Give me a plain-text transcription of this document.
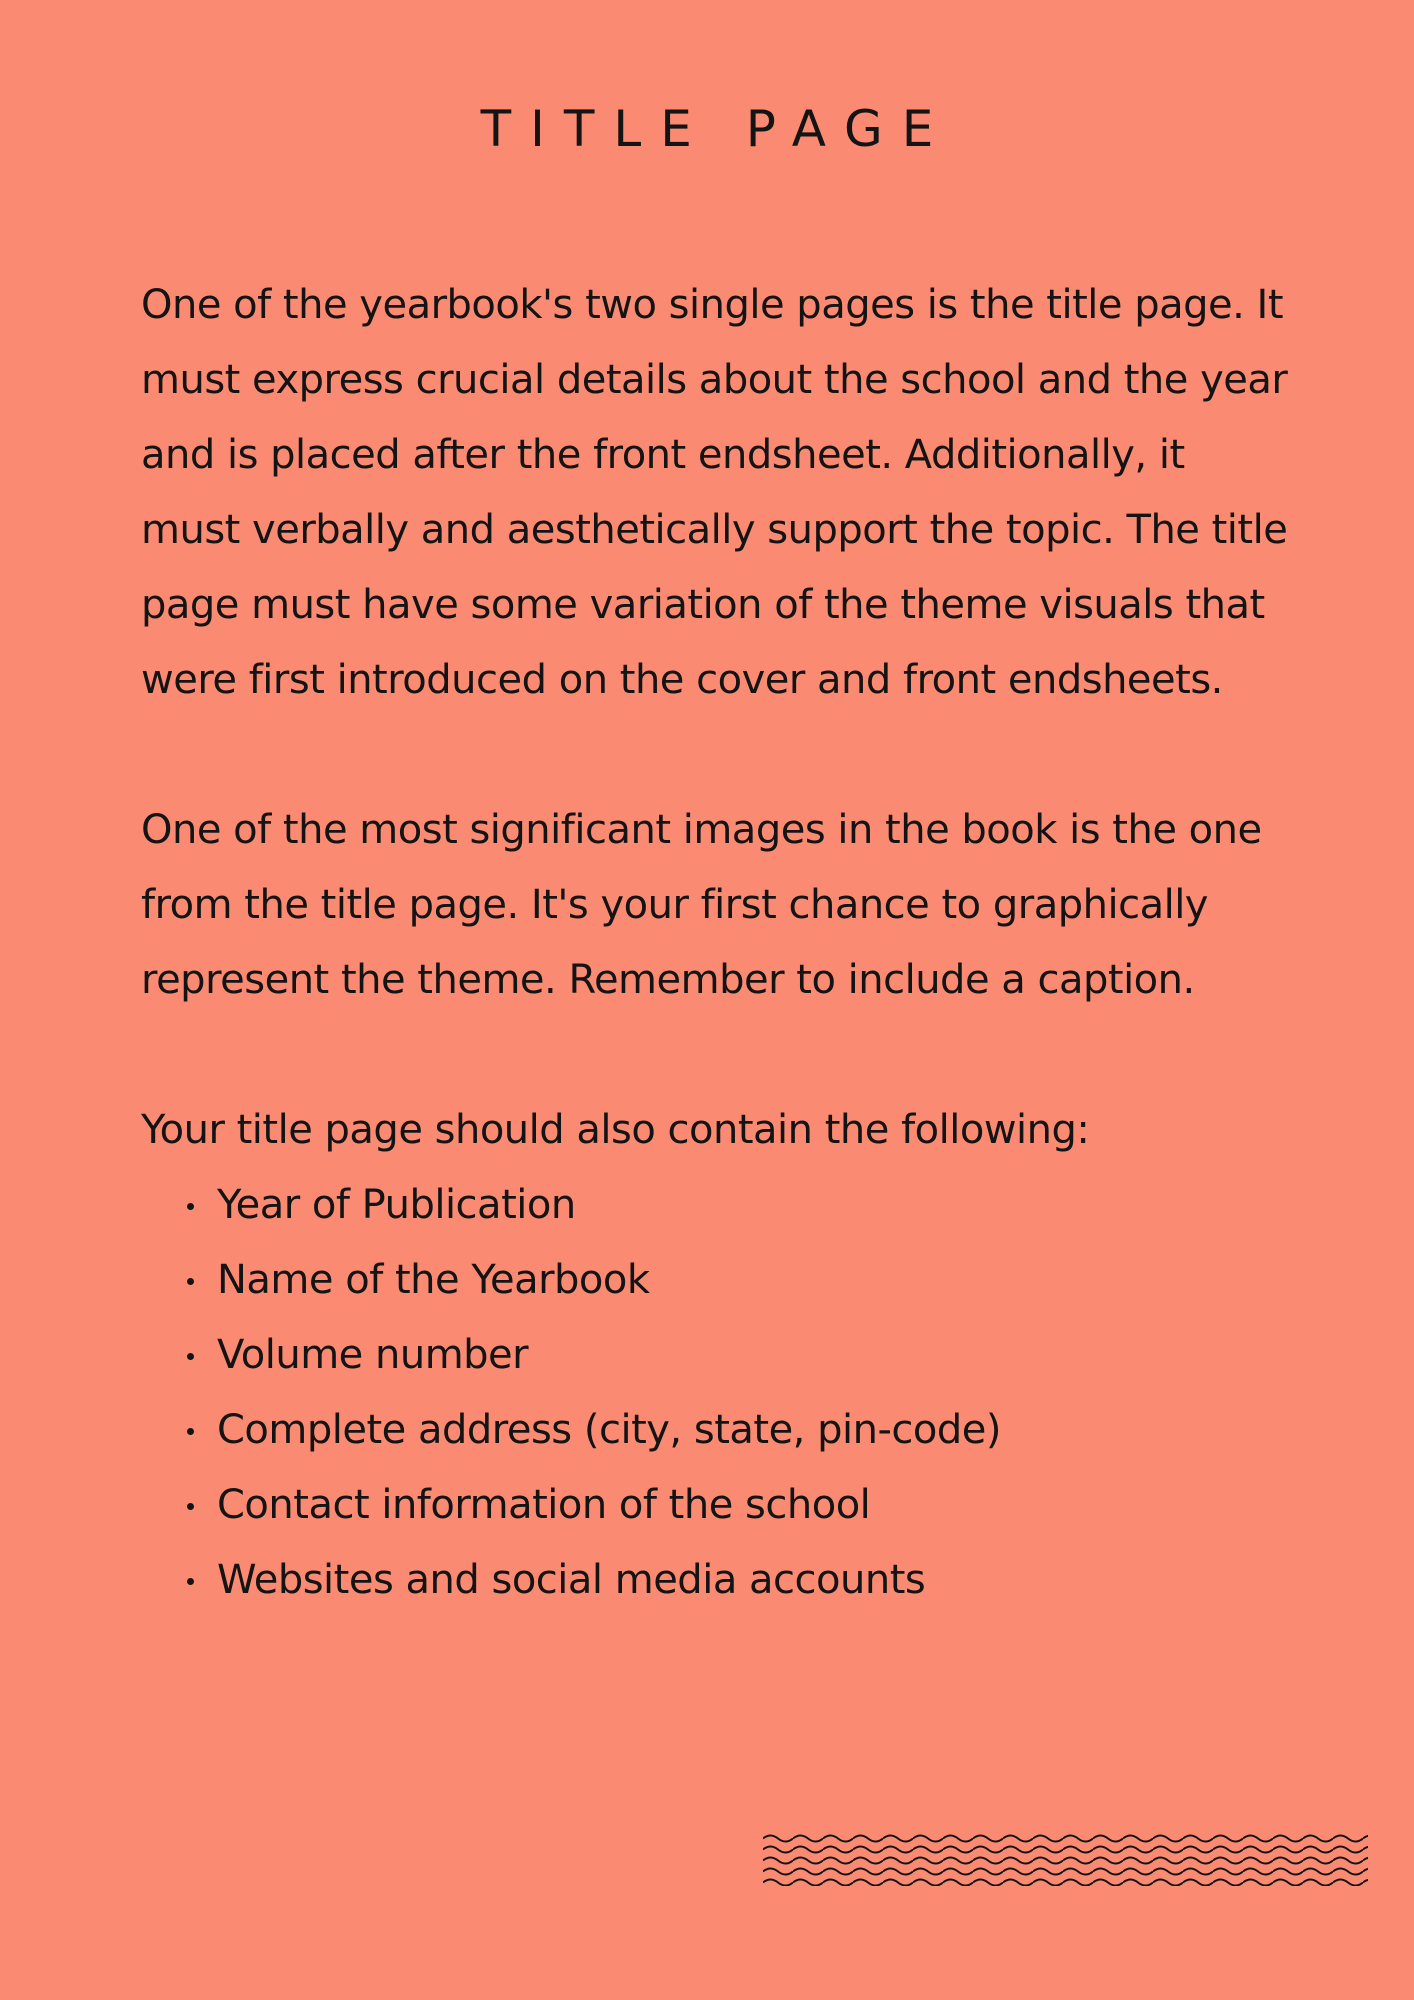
TITLE PAGE

One of the yearbook's two single pages is the title page. It must express crucial details about the school and the year and is placed after the front endsheet. Additionally, it must verbally and aesthetically support the topic. The title page must have some variation of the theme visuals that were first introduced on the cover and front endsheets.

One of the most significant images in the book is the one from the title page. It's your first chance to graphically represent the theme. Remember to include a caption.

Your title page should also contain the following:

Year of Publication
Name of the Yearbook
Volume number
Complete address (city, state, pin-code)
Contact information of the school
Websites and social media accounts
